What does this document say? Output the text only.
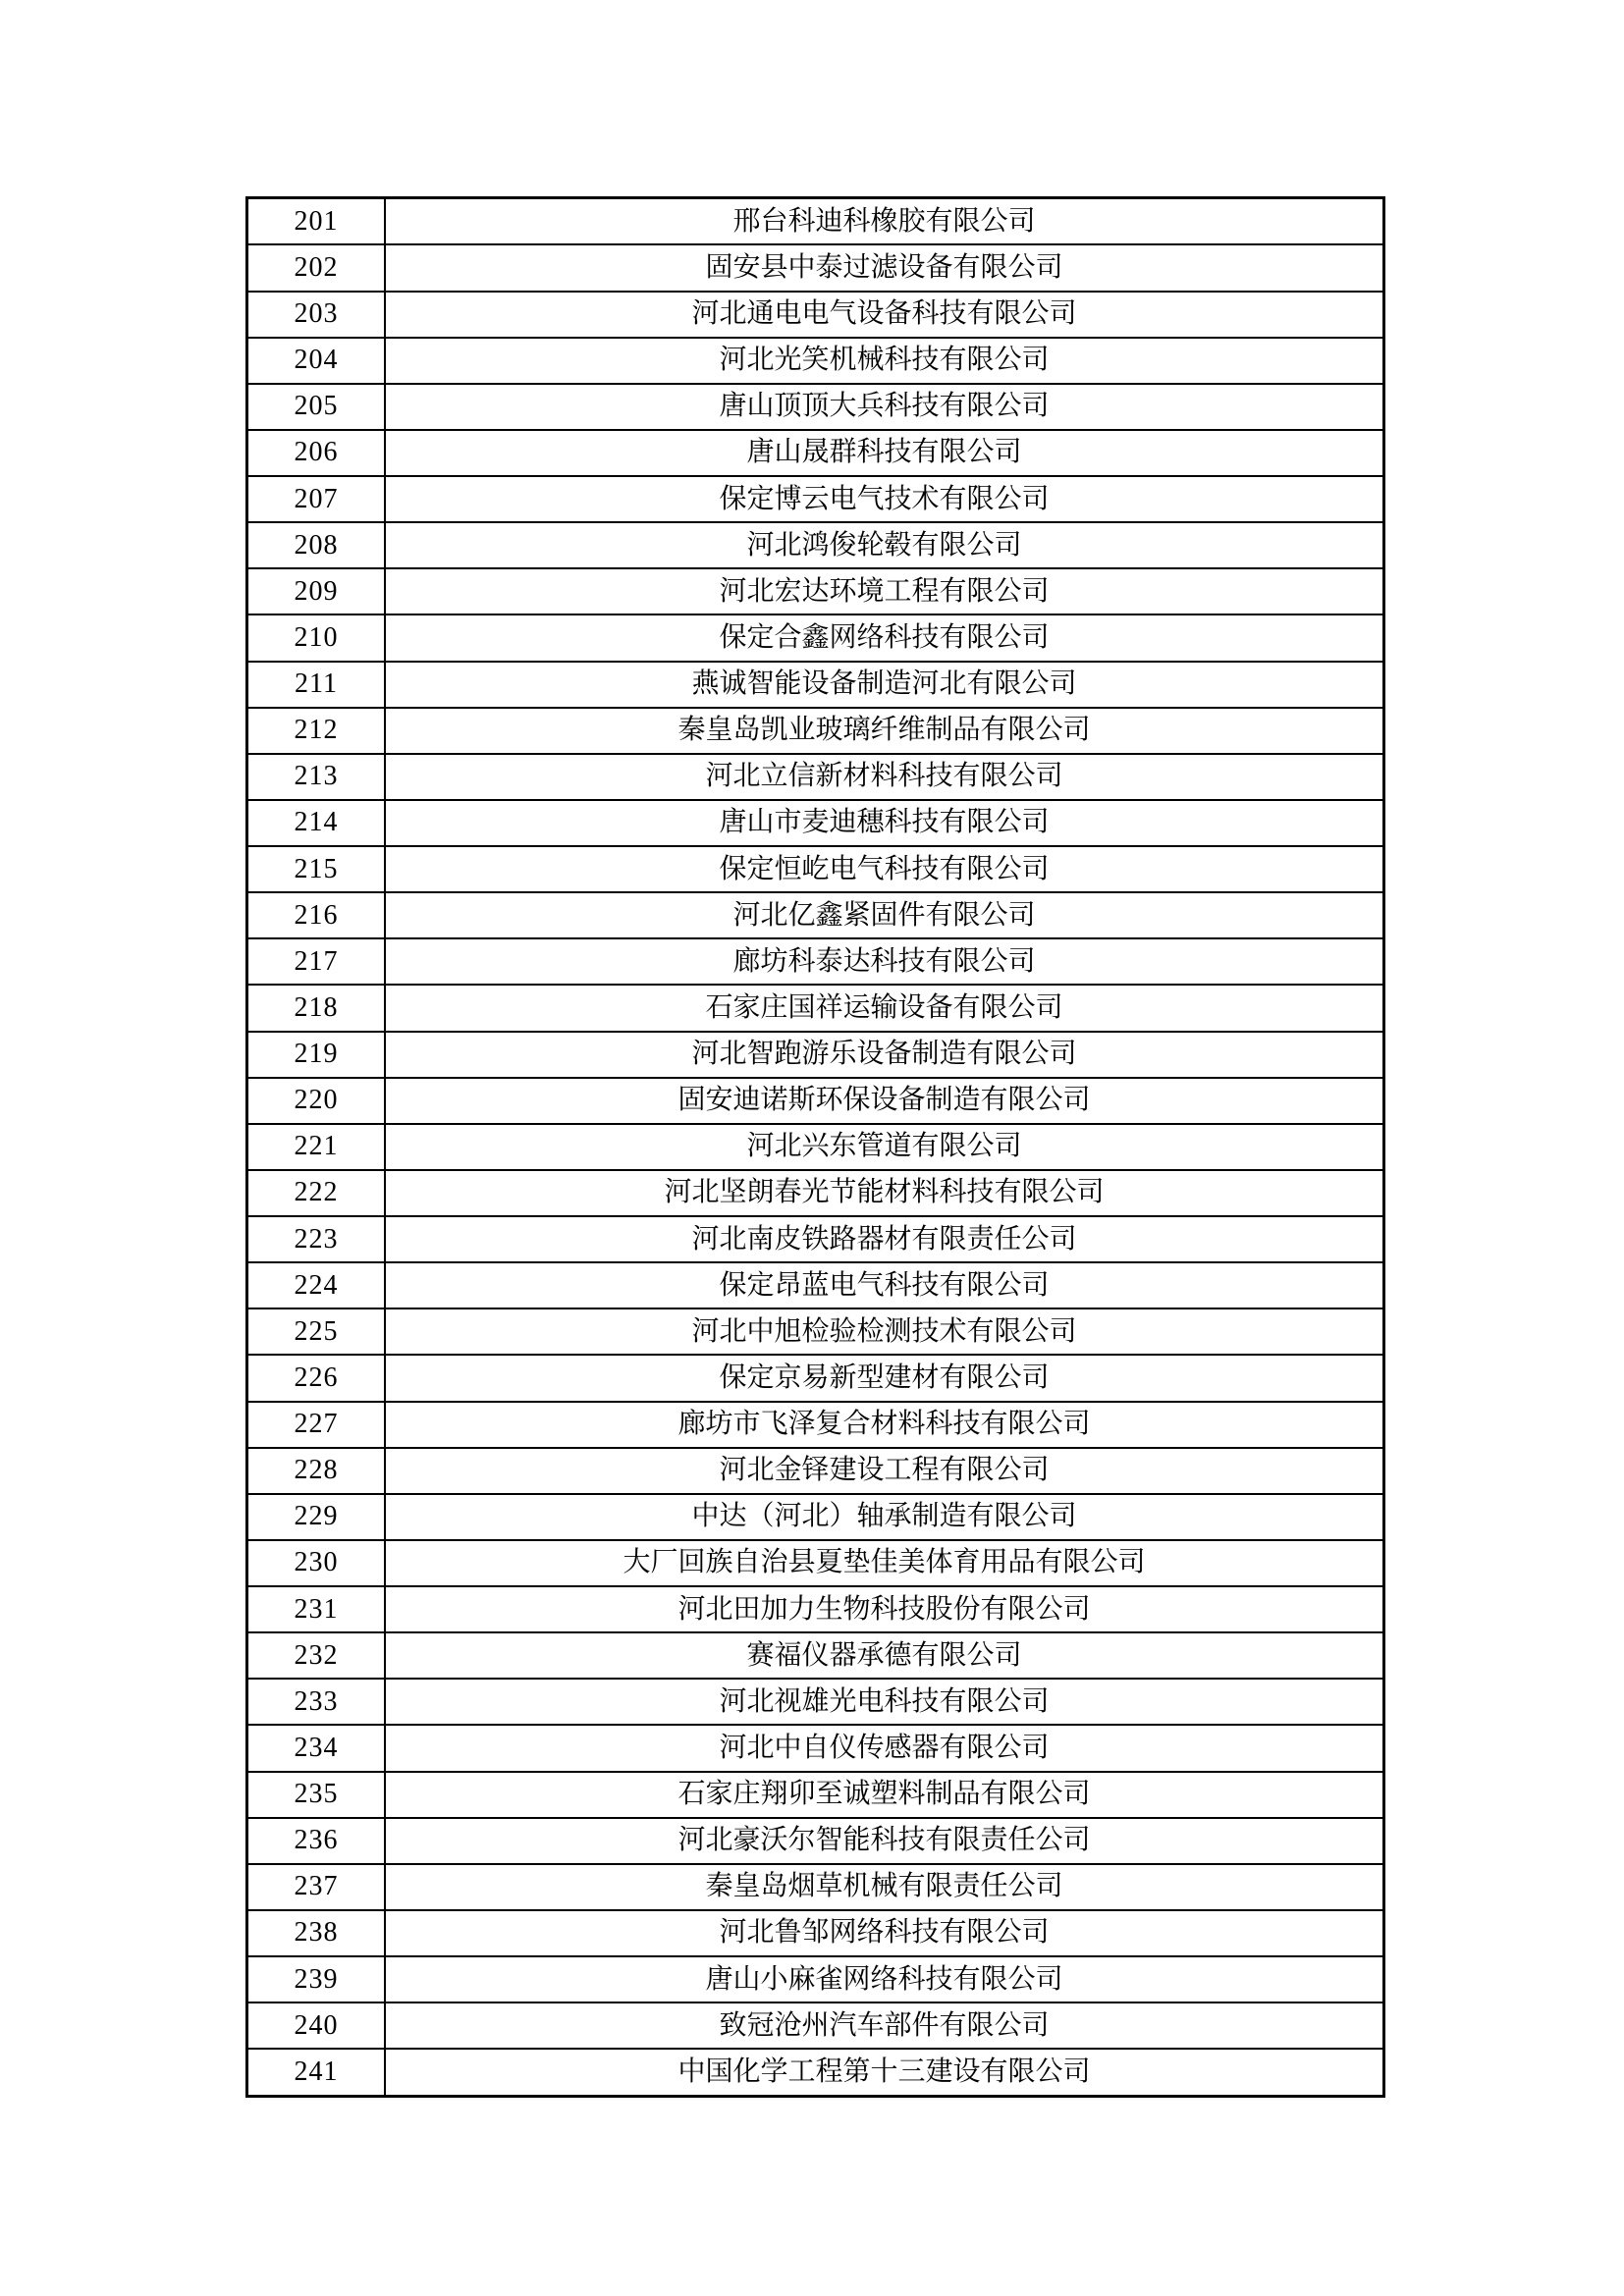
201	邢台科迪科橡胶有限公司
202	固安县中泰过滤设备有限公司
203	河北通电电气设备科技有限公司
204	河北光笑机械科技有限公司
205	唐山顶顶大兵科技有限公司
206	唐山晟群科技有限公司
207	保定博云电气技术有限公司
208	河北鸿俊轮毂有限公司
209	河北宏达环境工程有限公司
210	保定合鑫网络科技有限公司
211	燕诚智能设备制造河北有限公司
212	秦皇岛凯业玻璃纤维制品有限公司
213	河北立信新材料科技有限公司
214	唐山市麦迪穗科技有限公司
215	保定恒屹电气科技有限公司
216	河北亿鑫紧固件有限公司
217	廊坊科泰达科技有限公司
218	石家庄国祥运输设备有限公司
219	河北智跑游乐设备制造有限公司
220	固安迪诺斯环保设备制造有限公司
221	河北兴东管道有限公司
222	河北坚朗春光节能材料科技有限公司
223	河北南皮铁路器材有限责任公司
224	保定昂蓝电气科技有限公司
225	河北中旭检验检测技术有限公司
226	保定京易新型建材有限公司
227	廊坊市飞泽复合材料科技有限公司
228	河北金铎建设工程有限公司
229	中达（河北）轴承制造有限公司
230	大厂回族自治县夏垫佳美体育用品有限公司
231	河北田加力生物科技股份有限公司
232	赛福仪器承德有限公司
233	河北视雄光电科技有限公司
234	河北中自仪传感器有限公司
235	石家庄翔卯至诚塑料制品有限公司
236	河北豪沃尔智能科技有限责任公司
237	秦皇岛烟草机械有限责任公司
238	河北鲁邹网络科技有限公司
239	唐山小麻雀网络科技有限公司
240	致冠沧州汽车部件有限公司
241	中国化学工程第十三建设有限公司
